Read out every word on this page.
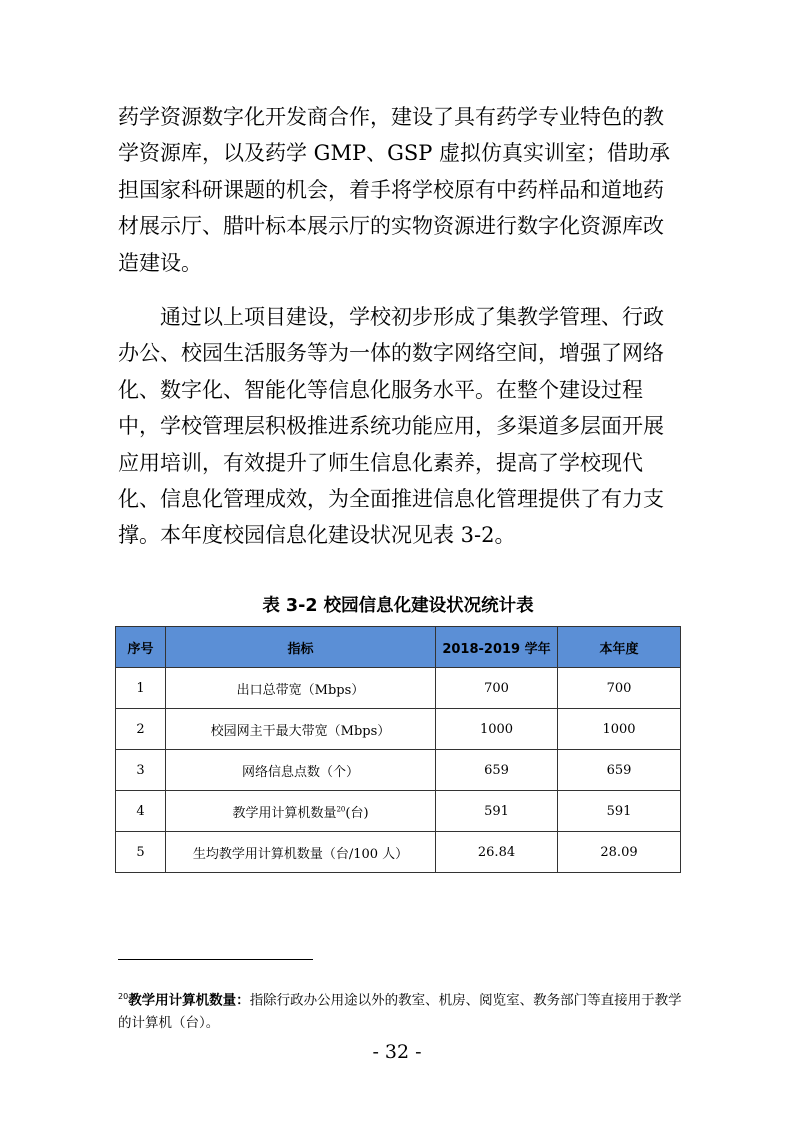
药学资源数字化开发商合作，建设了具有药学专业特色的教学资源库，以及药学 GMP、GSP 虚拟仿真实训室；借助承担国家科研课题的机会，着手将学校原有中药样品和道地药材展示厅、腊叶标本展示厅的实物资源进行数字化资源库改造建设。

通过以上项目建设，学校初步形成了集教学管理、行政办公、校园生活服务等为一体的数字网络空间，增强了网络化、数字化、智能化等信息化服务水平。在整个建设过程中，学校管理层积极推进系统功能应用，多渠道多层面开展应用培训，有效提升了师生信息化素养，提高了学校现代化、信息化管理成效，为全面推进信息化管理提供了有力支撑。本年度校园信息化建设状况见表 3-2。

表 3-2 校园信息化建设状况统计表
序号	指标	2018-2019 学年	本年度
1	出口总带宽（Mbps）	700	700
2	校园网主干最大带宽（Mbps）	1000	1000
3	网络信息点数（个）	659	659
4	教学用计算机数量$^{20}$(台)	591	591
5	生均教学用计算机数量（台/100 人）	26.84	28.09
$^{20}$教学用计算机数量：指除行政办公用途以外的教室、机房、阅览室、教务部门等直接用于教学的计算机（台）。
- 32 -
